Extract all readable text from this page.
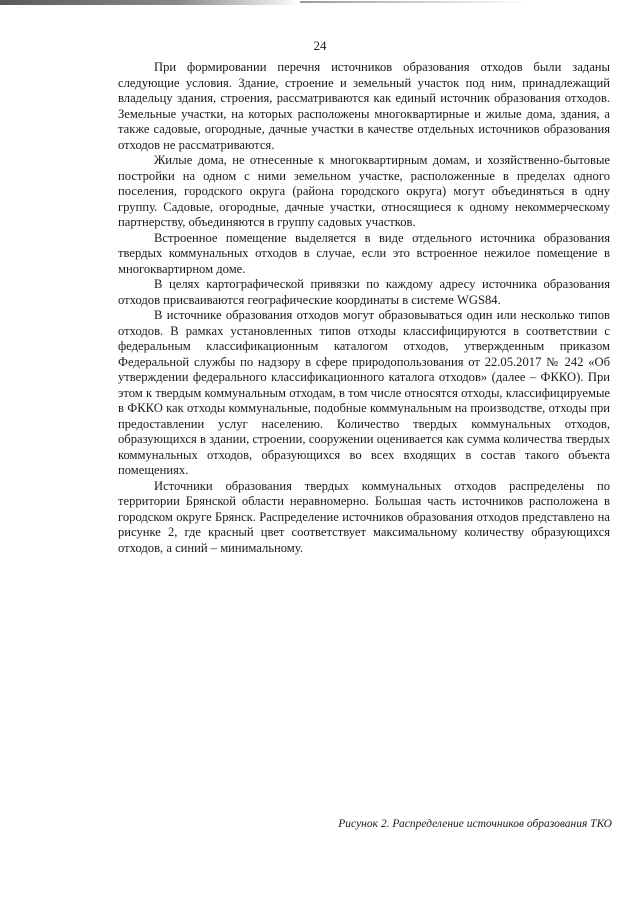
24

При формировании перечня источников образования отходов были заданы следующие условия. Здание, строение и земельный участок под ним, принадлежащий владельцу здания, строения, рассматриваются как единый источник образования отходов. Земельные участки, на которых расположены многоквартирные и жилые дома, здания, а также садовые, огородные, дачные участки в качестве отдельных источников образования отходов не рассматриваются.

Жилые дома, не отнесенные к многоквартирным домам, и хозяйственно-бытовые постройки на одном с ними земельном участке, расположенные в пределах одного поселения, городского округа (района городского округа) могут объединяться в одну группу. Садовые, огородные, дачные участки, относящиеся к одному некоммерческому партнерству, объединяются в группу садовых участков.

Встроенное помещение выделяется в виде отдельного источника образования твердых коммунальных отходов в случае, если это встроенное нежилое помещение в многоквартирном доме.

В целях картографической привязки по каждому адресу источника образования отходов присваиваются географические координаты в системе WGS84.

В источнике образования отходов могут образовываться один или несколько типов отходов. В рамках установленных типов отходы классифицируются в соответствии с федеральным классификационным каталогом отходов, утвержденным приказом Федеральной службы по надзору в сфере природопользования от 22.05.2017 № 242 «Об утверждении федерального классификационного каталога отходов» (далее – ФККО). При этом к твердым коммунальным отходам, в том числе относятся отходы, классифицируемые в ФККО как отходы коммунальные, подобные коммунальным на производстве, отходы при предоставлении услуг населению. Количество твердых коммунальных отходов, образующихся в здании, строении, сооружении оценивается как сумма количества твердых коммунальных отходов, образующихся во всех входящих в состав такого объекта помещениях.

Источники образования твердых коммунальных отходов распределены по территории Брянской области неравномерно. Большая часть источников расположена в городском округе Брянск. Распределение источников образования отходов представлено на рисунке 2, где красный цвет соответствует максимальному количеству образующихся отходов, а синий – минимальному.

Рисунок 2. Распределение источников образования ТКО
